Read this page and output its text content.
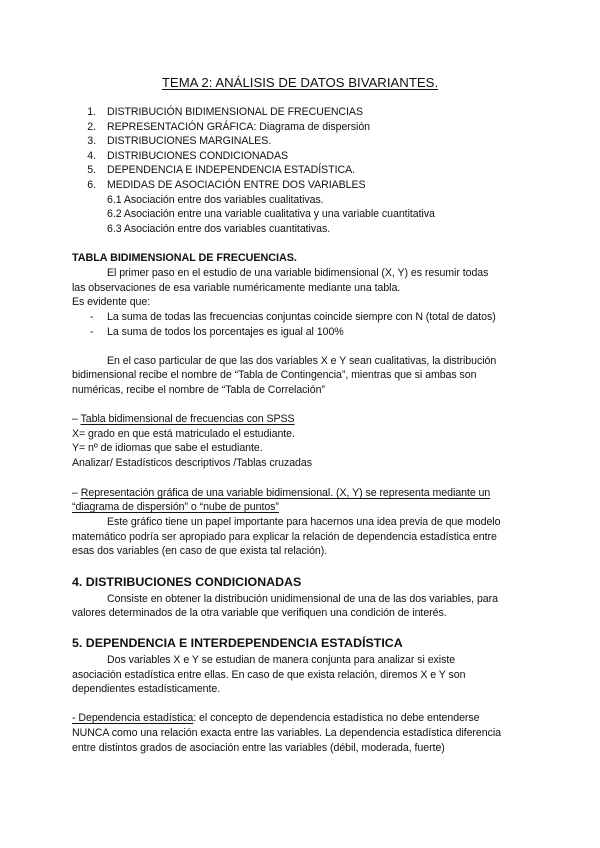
TEMA 2: ANÁLISIS DE DATOS BIVARIANTES.
1. DISTRIBUCIÓN BIDIMENSIONAL DE FRECUENCIAS
2. REPRESENTACIÓN GRÁFICA: Diagrama de dispersión
3. DISTRIBUCIONES MARGINALES.
4. DISTRIBUCIONES CONDICIONADAS
5. DEPENDENCIA E INDEPENDENCIA ESTADÍSTICA.
6. MEDIDAS DE ASOCIACIÓN ENTRE DOS VARIABLES
6.1 Asociación entre dos variables cualitativas.
6.2 Asociación entre una variable cualitativa y una variable cuantitativa
6.3 Asociación entre dos variables cuantitativas.
TABLA BIDIMENSIONAL DE FRECUENCIAS.
El primer paso en el estudio de una variable bidimensional (X, Y) es resumir todas
las observaciones de esa variable numéricamente mediante una tabla.
Es evidente que:
-	La suma de todas las frecuencias conjuntas coincide siempre con N (total de datos)
-	La suma de todos los porcentajes es igual al 100%
En el caso particular de que las dos variables X e Y sean cualitativas, la distribución
bidimensional recibe el nombre de “Tabla de Contingencia”, mientras que si ambas son
numéricas, recibe el nombre de “Tabla de Correlación”
– Tabla bidimensional de frecuencias con SPSS
X= grado en que está matriculado el estudiante.
Y= nº de idiomas que sabe el estudiante.
Analizar/ Estadísticos descriptivos /Tablas cruzadas
– Representación gráfica de una variable bidimensional. (X, Y) se representa mediante un
“diagrama de dispersión” o “nube de puntos”
Este gráfico tiene un papel importante para hacernos una idea previa de que modelo
matemático podría ser apropiado para explicar la relación de dependencia estadística entre
esas dos variables (en caso de que exista tal relación).
4. DISTRIBUCIONES CONDICIONADAS
Consiste en obtener la distribución unidimensional de una de las dos variables, para
valores determinados de la otra variable que verifiquen una condición de interés.
5. DEPENDENCIA E INTERDEPENDENCIA ESTADÍSTICA
Dos variables X e Y se estudian de manera conjunta para analizar si existe
asociación estadística entre ellas. En caso de que exista relación, diremos X e Y son
dependientes estadísticamente.
- Dependencia estadística: el concepto de dependencia estadística no debe entenderse
NUNCA como una relación exacta entre las variables. La dependencia estadística diferencia
entre distintos grados de asociación entre las variables (débil, moderada, fuerte)
